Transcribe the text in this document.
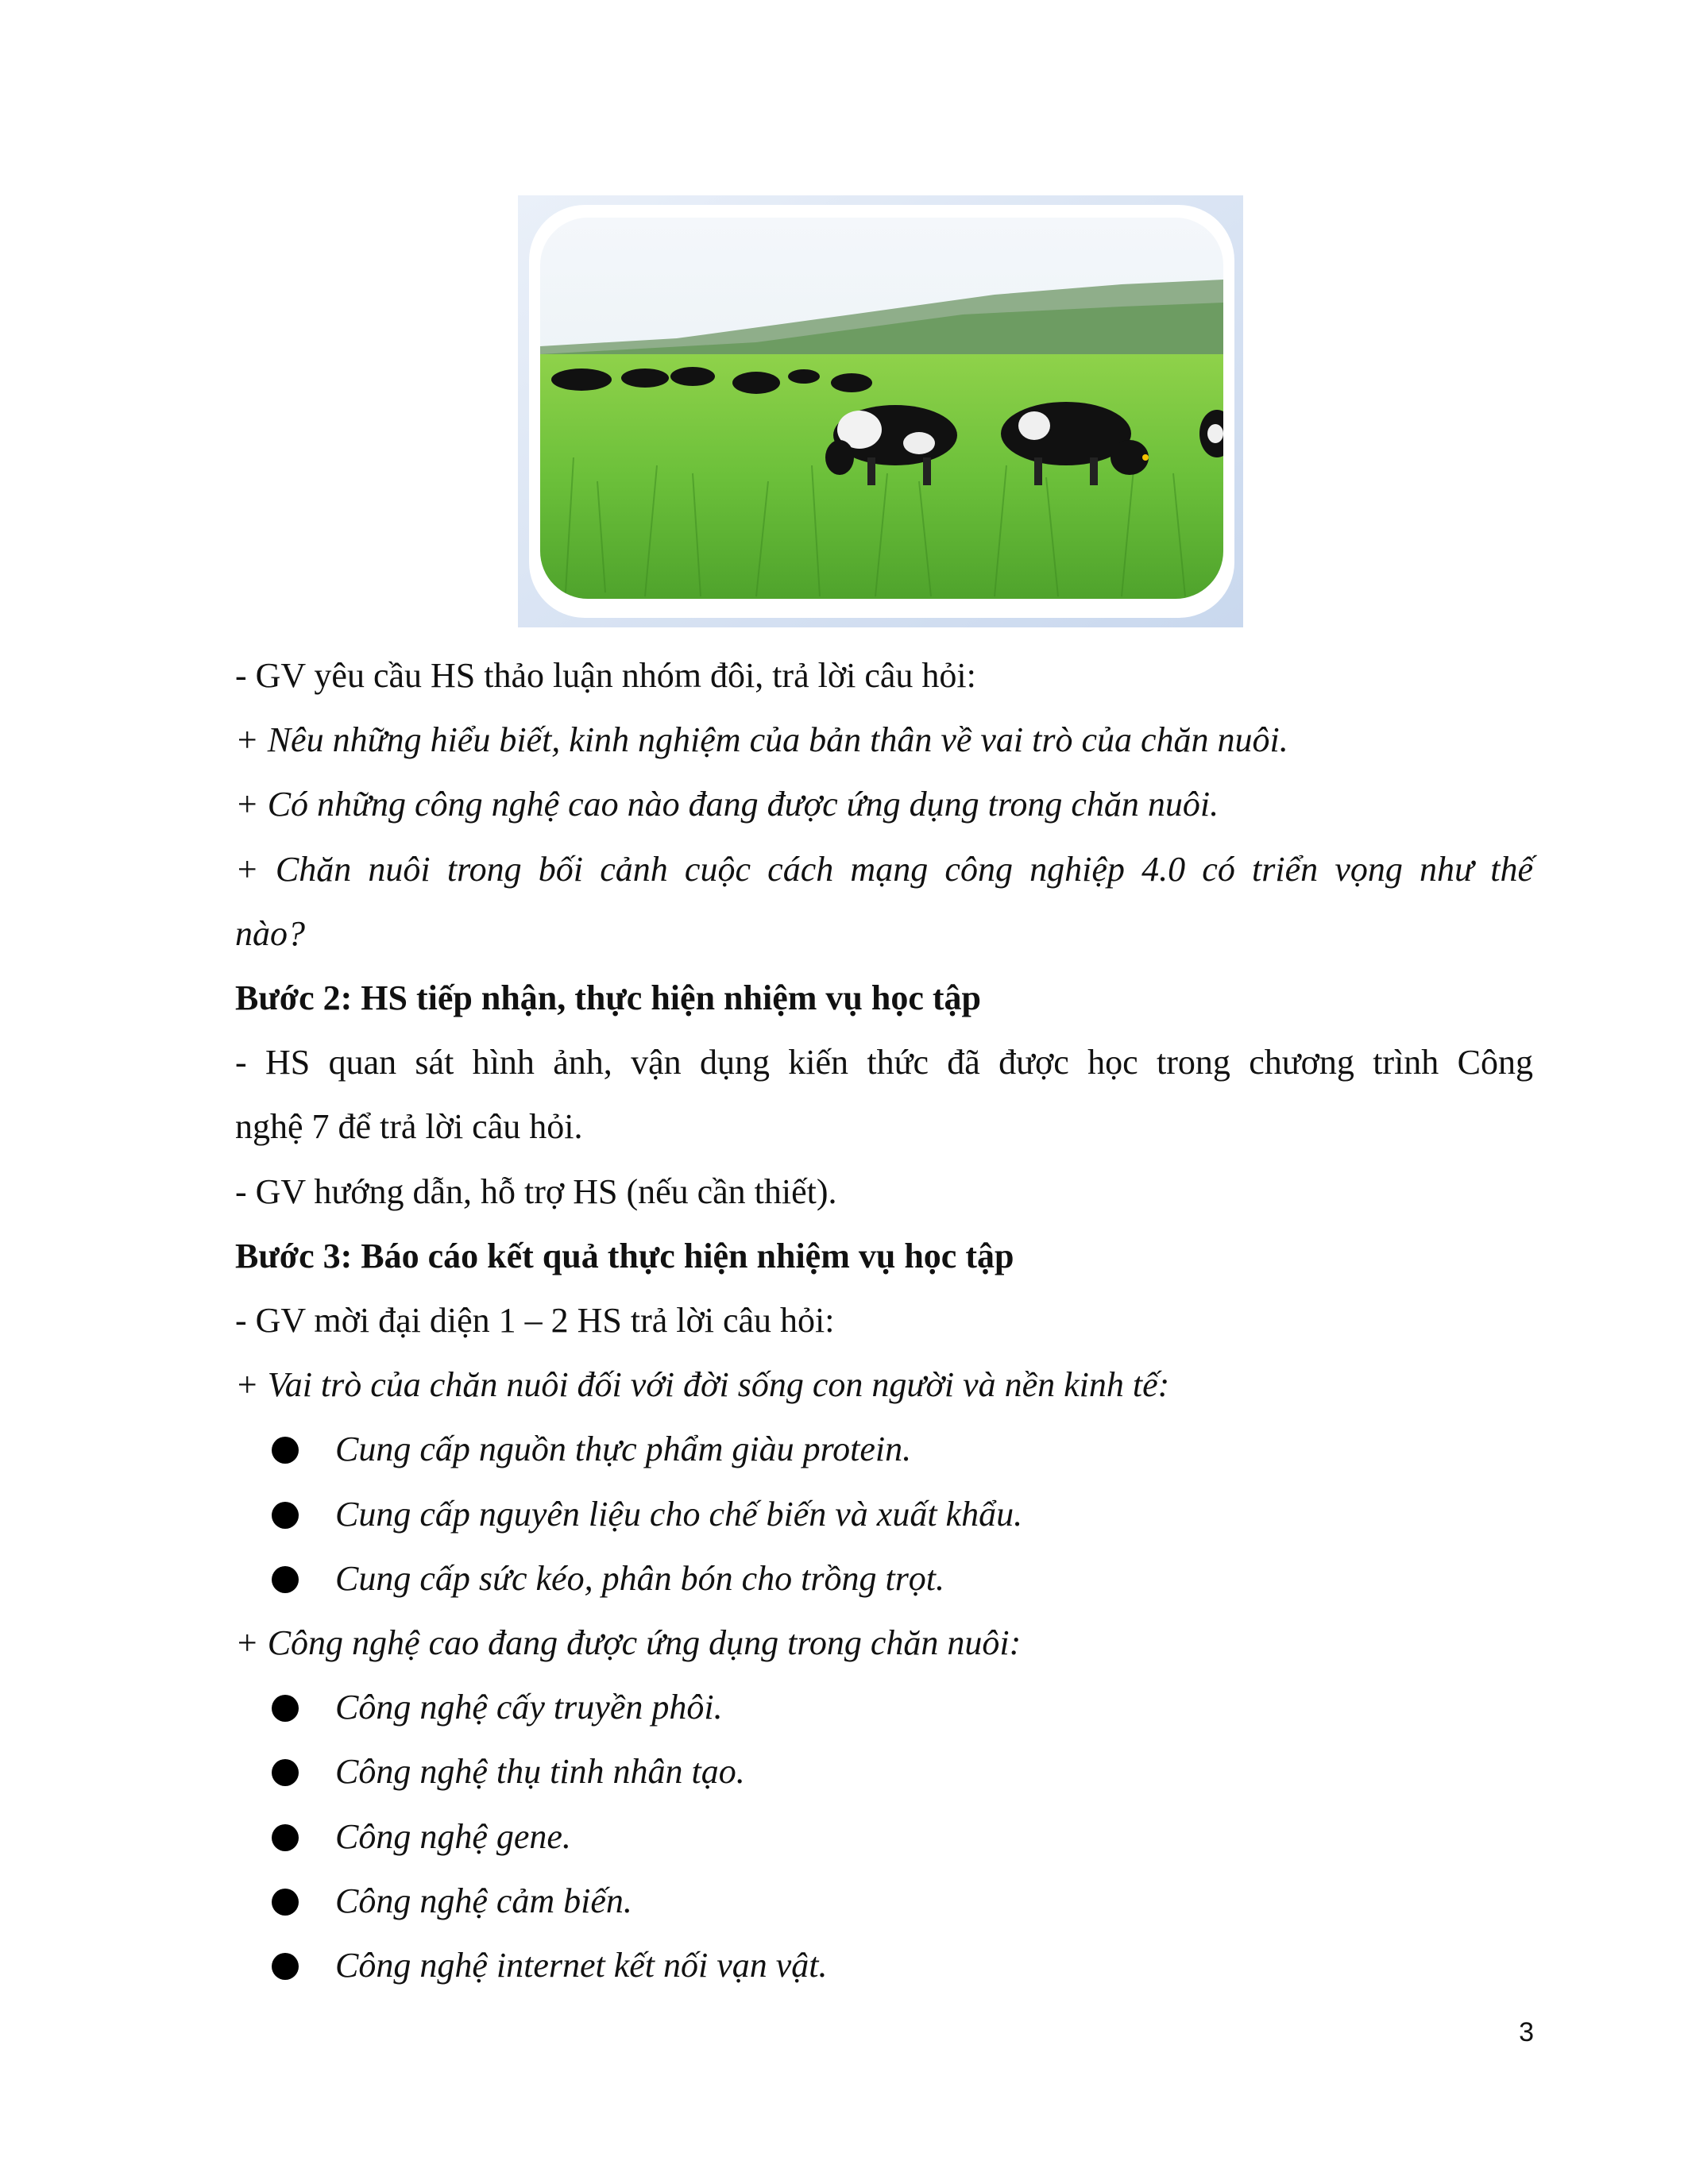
- GV yêu cầu HS thảo luận nhóm đôi, trả lời câu hỏi:
+ Nêu những hiểu biết, kinh nghiệm của bản thân về vai trò của chăn nuôi.
+ Có những công nghệ cao nào đang được ứng dụng trong chăn nuôi.
+ Chăn nuôi trong bối cảnh cuộc cách mạng công nghiệp 4.0 có triển vọng như thế
nào?
Bước 2: HS tiếp nhận, thực hiện nhiệm vụ học tập
- HS quan sát hình ảnh, vận dụng kiến thức đã được học trong chương trình Công
nghệ 7 để trả lời câu hỏi.
- GV hướng dẫn, hỗ trợ HS (nếu cần thiết).
Bước 3: Báo cáo kết quả thực hiện nhiệm vụ học tập
- GV mời đại diện 1 – 2 HS trả lời câu hỏi:
+ Vai trò của chăn nuôi đối với đời sống con người và nền kinh tế:
Cung cấp nguồn thực phẩm giàu protein.
Cung cấp nguyên liệu cho chế biến và xuất khẩu.
Cung cấp sức kéo, phân bón cho trồng trọt.
+ Công nghệ cao đang được ứng dụng trong chăn nuôi:
Công nghệ cấy truyền phôi.
Công nghệ thụ tinh nhân tạo.
Công nghệ gene.
Công nghệ cảm biến.
Công nghệ internet kết nối vạn vật.
3
